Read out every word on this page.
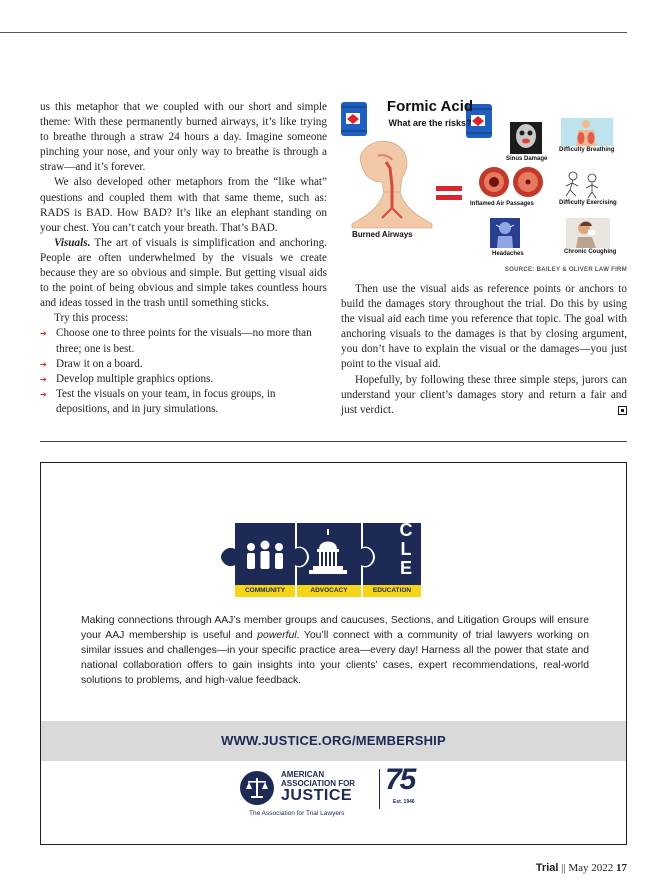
us this metaphor that we coupled with our short and simple theme: With these permanently burned airways, it’s like trying to breathe through a straw 24 hours a day. Imagine someone pinching your nose, and your only way to breathe is through a straw—and it’s forever.

We also developed other metaphors from the “like what” questions and coupled them with that same theme, such as: RADS is BAD. How BAD? It’s like an elephant standing on your chest. You can’t catch your breath. That’s BAD.

Visuals. The art of visuals is simplification and anchoring. People are often underwhelmed by the visuals we create because they are so obvious and simple. But getting visual aids to the point of being obvious and simple takes countless hours and ideas tossed in the trash until something sticks.

Try this process:

➔ Choose one to three points for the visuals—no more than three; one is best.
➔ Draw it on a board.
➔ Develop multiple graphics options.
➔ Test the visuals on your team, in focus groups, in depositions, and in jury simulations.
Formic Acid
What are the risks?
Sinus Damage
Difficulty Breathing
Burned Airways
Inflamed Air Passages	Difficulty Exercising
Headaches	Chronic Coughing
SOURCE: BAILEY & OLIVER LAW FIRM

Then use the visual aids as reference points or anchors to build the damages story throughout the trial. Do this by using the visual aid each time you reference that topic. The goal with anchoring visuals to the damages is that by closing argument, you don’t have to explain the visual or the damages—you just point to the visual aid.

Hopefully, by following these three simple steps, jurors can understand your client’s damages story and return a fair and just verdict.

C
L
E
COMMUNITY	ADVOCACY	EDUCATION
Making connections through AAJ’s member groups and caucuses, Sections, and Litigation Groups will ensure your AAJ membership is useful and powerful. You’ll connect with a community of trial lawyers working on similar issues and challenges—in your specific practice area—every day! Harness all the power that state and national collaboration offers to gain insights into your clients’ cases, expert recommendations, real-world solutions to problems, and high-value feedback.
WWW.JUSTICE.ORG/MEMBERSHIP
AMERICAN
ASSOCIATION FOR
JUSTICE
The Association for Trial Lawyers
75
Est. 1946
Trial || May 2022 17
